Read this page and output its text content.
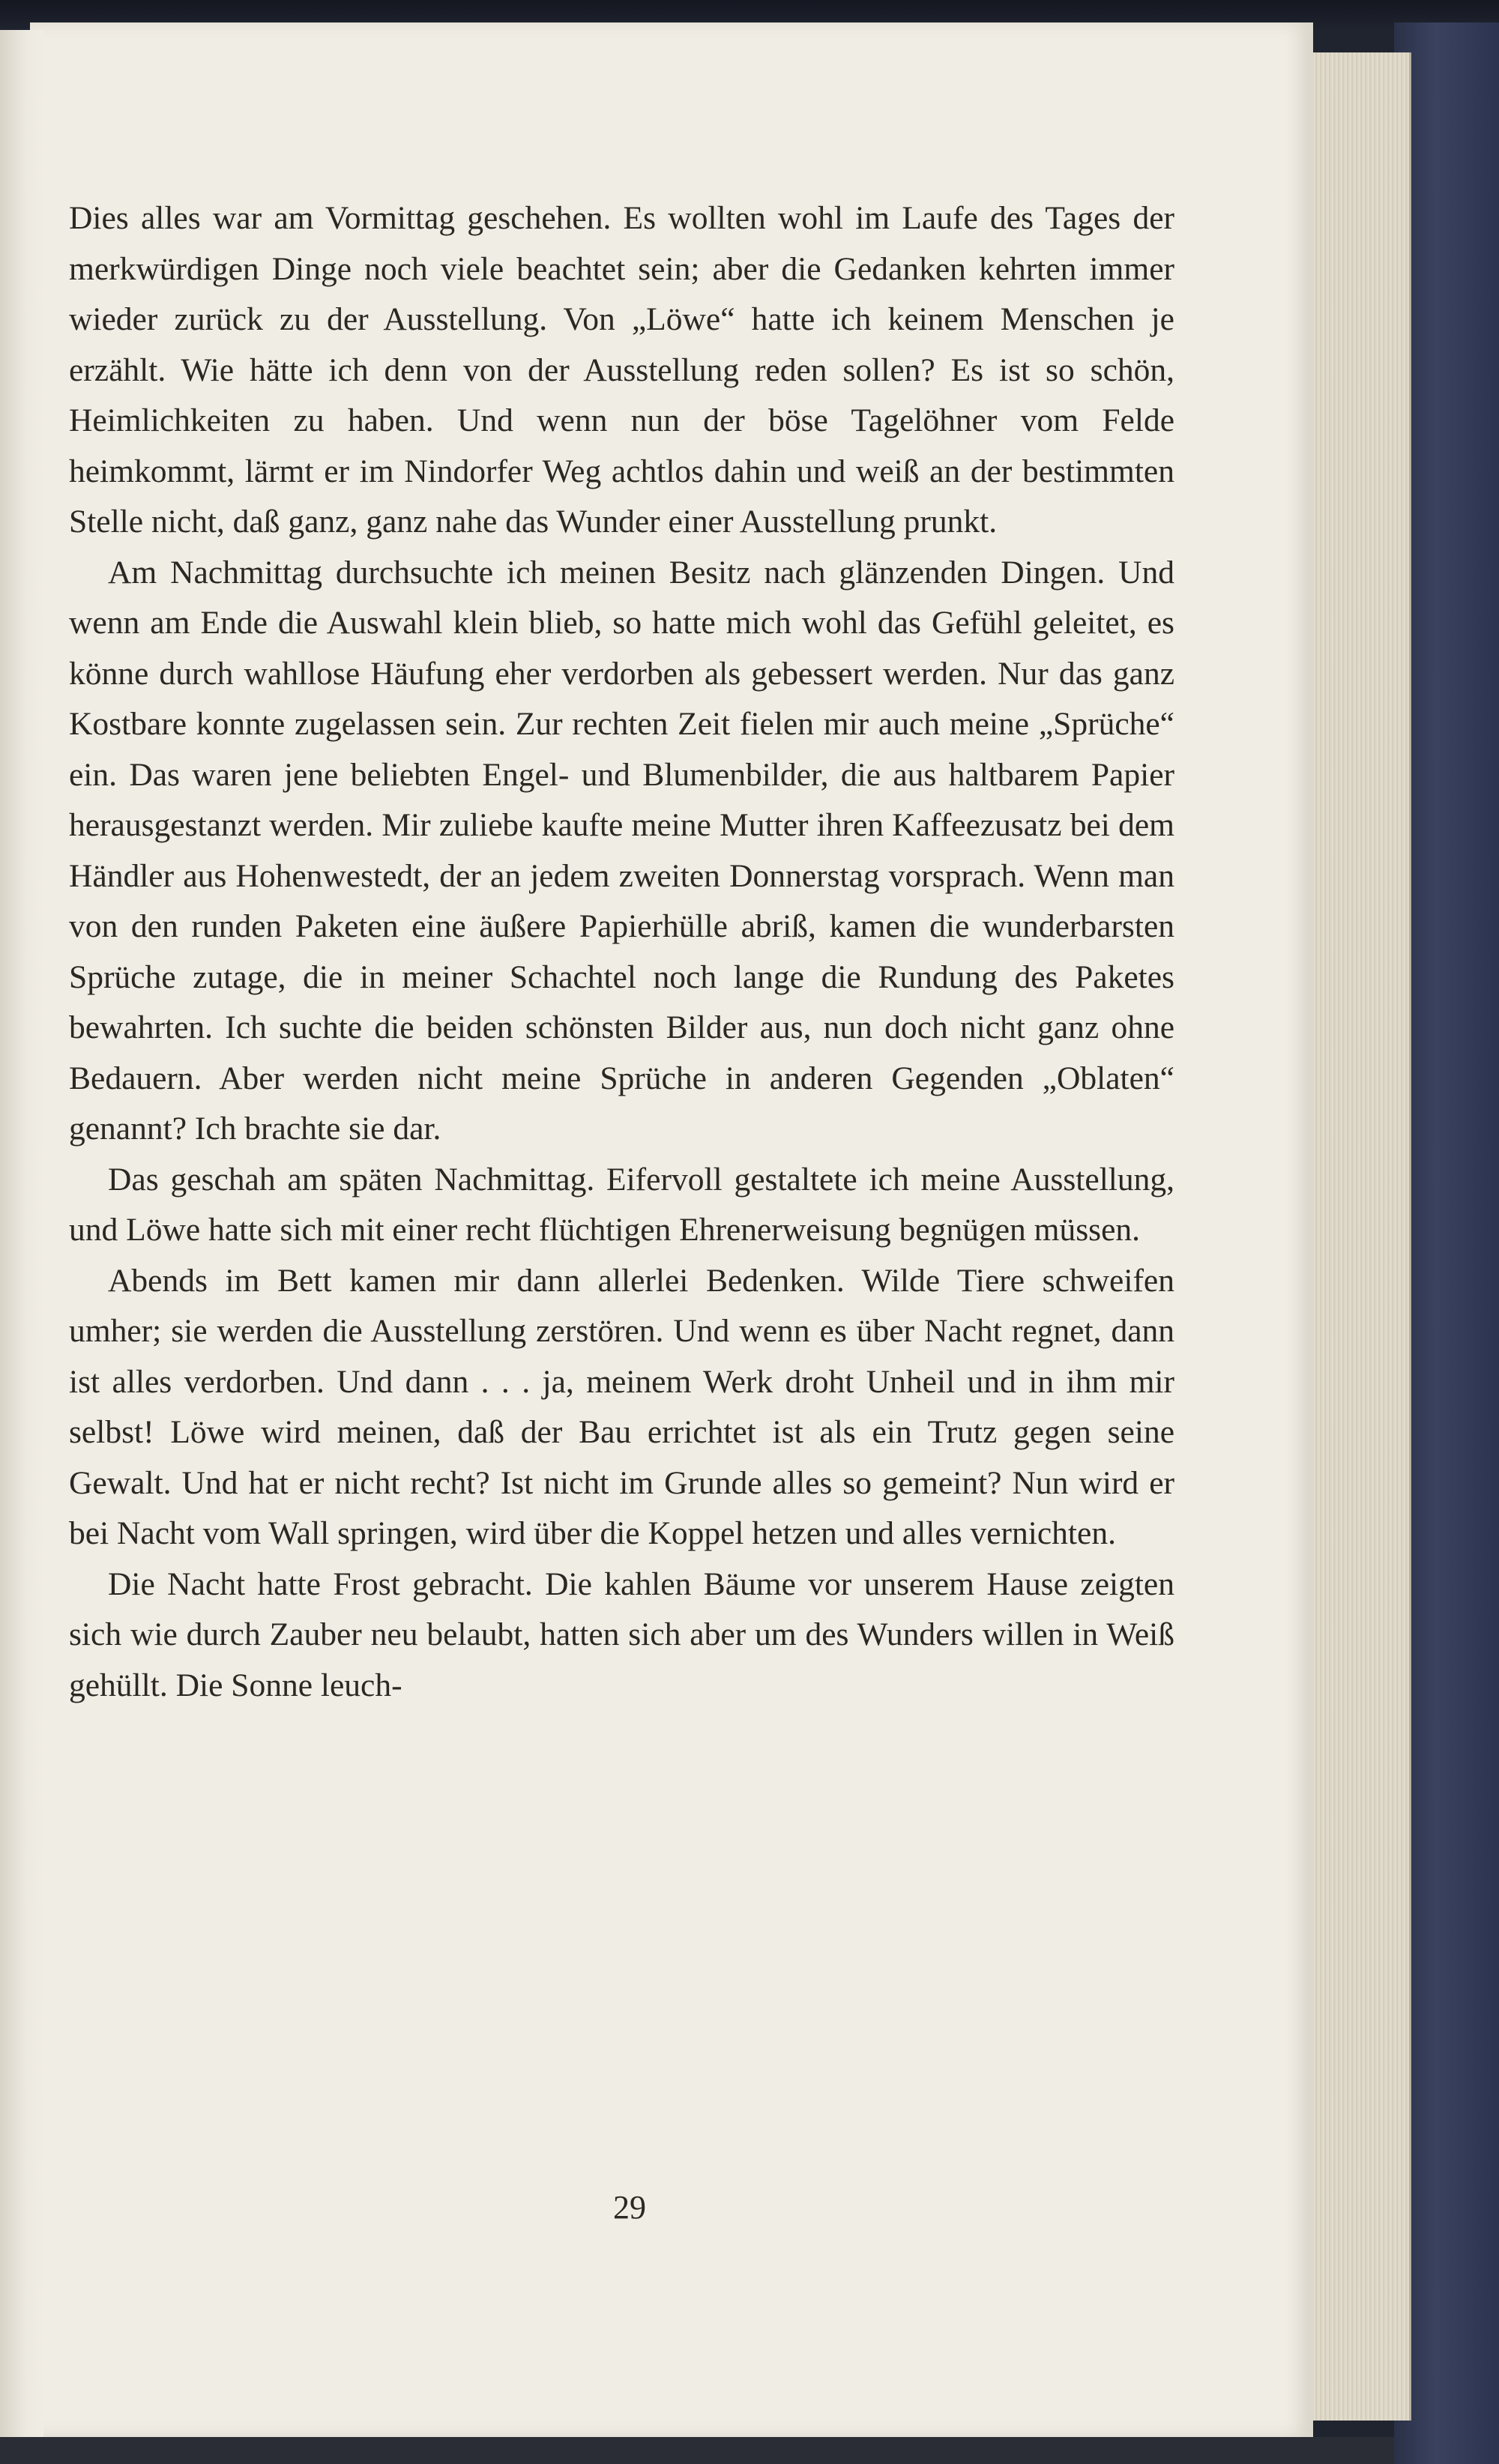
Dies alles war am Vormittag geschehen. Es wollten wohl im Laufe des Tages der merkwürdigen Dinge noch viele beachtet sein; aber die Gedanken kehrten immer wieder zurück zu der Ausstellung. Von „Löwe“ hatte ich keinem Menschen je erzählt. Wie hätte ich denn von der Ausstellung reden sollen? Es ist so schön, Heimlichkeiten zu haben. Und wenn nun der böse Tagelöhner vom Felde heimkommt, lärmt er im Nindorfer Weg achtlos dahin und weiß an der bestimmten Stelle nicht, daß ganz, ganz nahe das Wunder einer Ausstellung prunkt.

Am Nachmittag durchsuchte ich meinen Besitz nach glänzenden Dingen. Und wenn am Ende die Auswahl klein blieb, so hatte mich wohl das Gefühl geleitet, es könne durch wahllose Häufung eher verdorben als gebessert werden. Nur das ganz Kostbare konnte zugelassen sein. Zur rechten Zeit fielen mir auch meine „Sprüche“ ein. Das waren jene beliebten Engel- und Blumenbilder, die aus haltbarem Papier herausgestanzt werden. Mir zuliebe kaufte meine Mutter ihren Kaffeezusatz bei dem Händler aus Hohenwestedt, der an jedem zweiten Donnerstag vorsprach. Wenn man von den runden Paketen eine äußere Papierhülle abriß, kamen die wunderbarsten Sprüche zutage, die in meiner Schachtel noch lange die Rundung des Paketes bewahrten. Ich suchte die beiden schönsten Bilder aus, nun doch nicht ganz ohne Bedauern. Aber werden nicht meine Sprüche in anderen Gegenden „Oblaten“ genannt? Ich brachte sie dar.

Das geschah am späten Nachmittag. Eifervoll gestaltete ich meine Ausstellung, und Löwe hatte sich mit einer recht flüchtigen Ehrenerweisung begnügen müssen.

Abends im Bett kamen mir dann allerlei Bedenken. Wilde Tiere schweifen umher; sie werden die Ausstellung zerstören. Und wenn es über Nacht regnet, dann ist alles verdorben. Und dann . . . ja, meinem Werk droht Unheil und in ihm mir selbst! Löwe wird meinen, daß der Bau errichtet ist als ein Trutz gegen seine Gewalt. Und hat er nicht recht? Ist nicht im Grunde alles so gemeint? Nun wird er bei Nacht vom Wall springen, wird über die Koppel hetzen und alles vernichten.

Die Nacht hatte Frost gebracht. Die kahlen Bäume vor unserem Hause zeigten sich wie durch Zauber neu belaubt, hatten sich aber um des Wunders willen in Weiß gehüllt. Die Sonne leuch-

29
